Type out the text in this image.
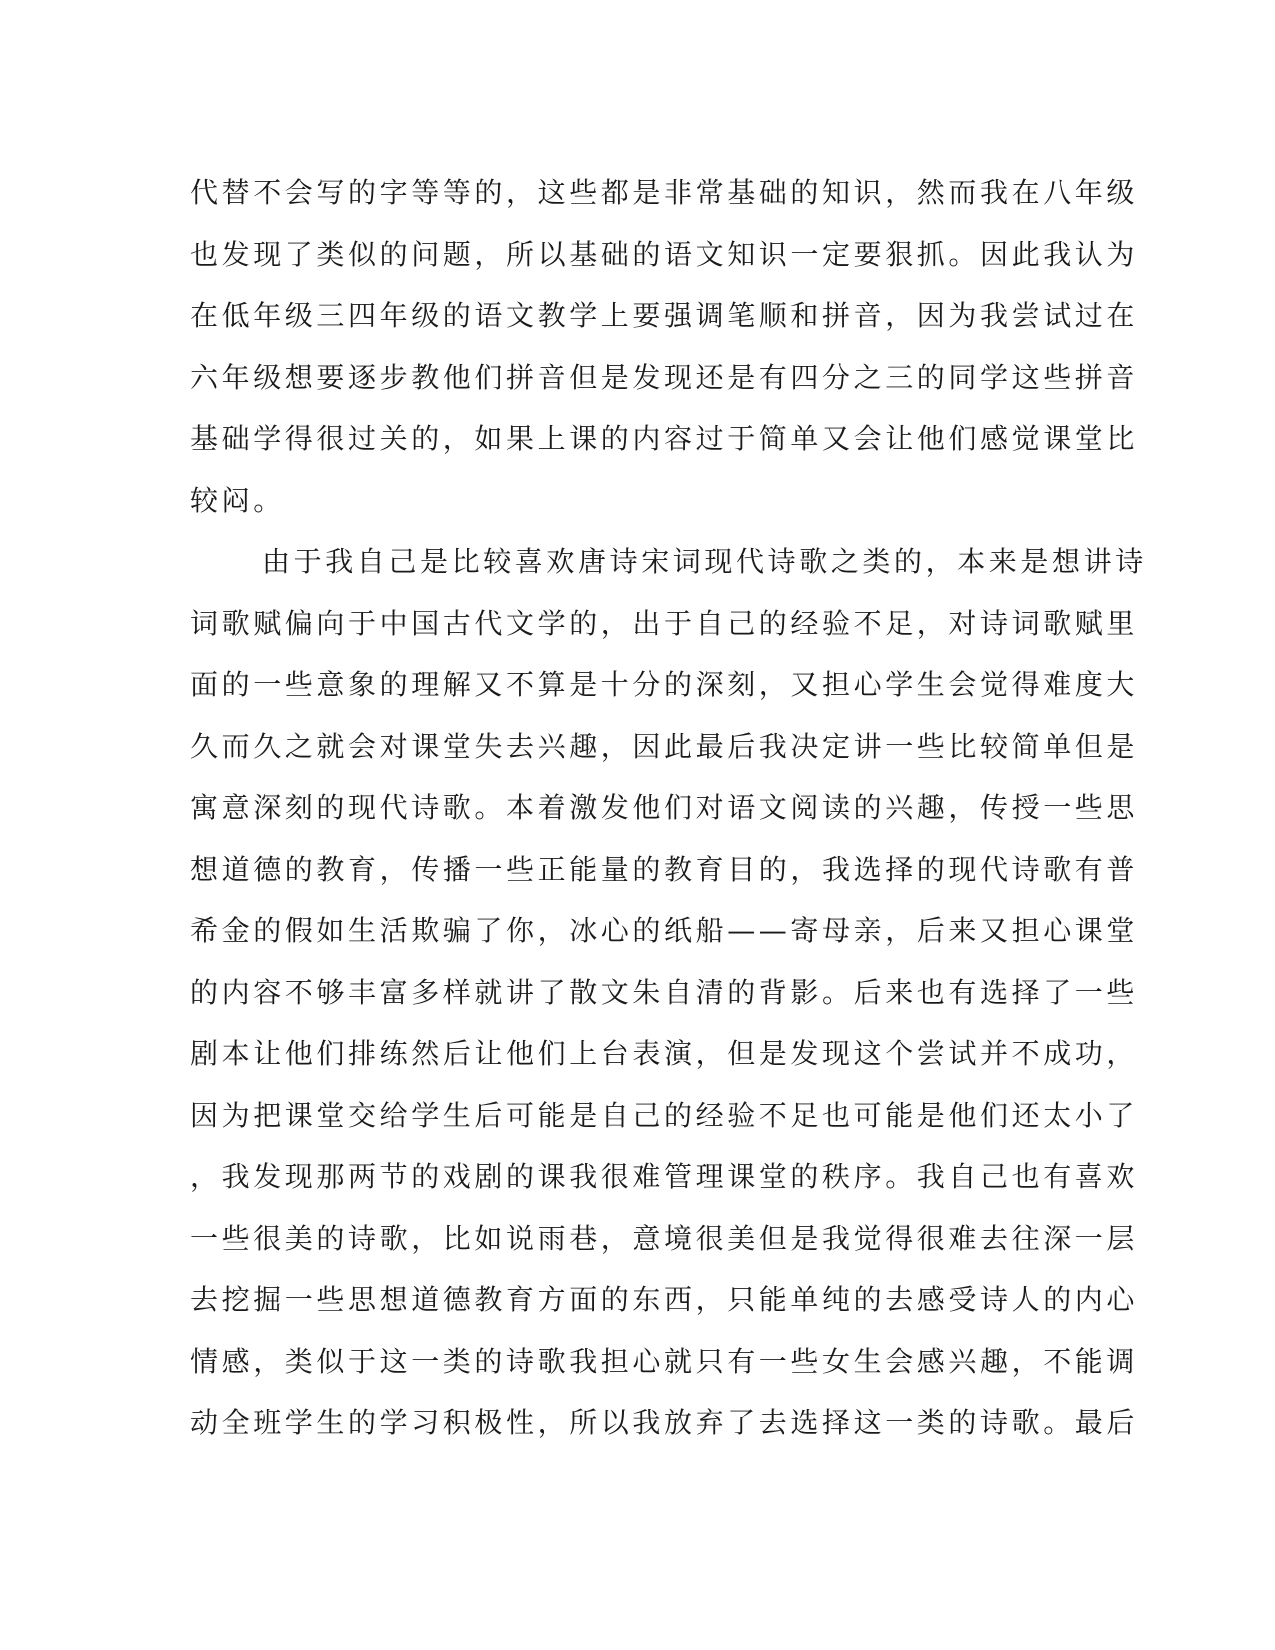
代替不会写的字等等的，这些都是非常基础的知识，然而我在八年级
也发现了类似的问题，所以基础的语文知识一定要狠抓。因此我认为
在低年级三四年级的语文教学上要强调笔顺和拼音，因为我尝试过在
六年级想要逐步教他们拼音但是发现还是有四分之三的同学这些拼音
基础学得很过关的，如果上课的内容过于简单又会让他们感觉课堂比
较闷。
由于我自己是比较喜欢唐诗宋词现代诗歌之类的，本来是想讲诗
词歌赋偏向于中国古代文学的，出于自己的经验不足，对诗词歌赋里
面的一些意象的理解又不算是十分的深刻，又担心学生会觉得难度大
久而久之就会对课堂失去兴趣，因此最后我决定讲一些比较简单但是
寓意深刻的现代诗歌。本着激发他们对语文阅读的兴趣，传授一些思
想道德的教育，传播一些正能量的教育目的，我选择的现代诗歌有普
希金的假如生活欺骗了你，冰心的纸船——寄母亲，后来又担心课堂
的内容不够丰富多样就讲了散文朱自清的背影。后来也有选择了一些
剧本让他们排练然后让他们上台表演，但是发现这个尝试并不成功，
因为把课堂交给学生后可能是自己的经验不足也可能是他们还太小了
，我发现那两节的戏剧的课我很难管理课堂的秩序。我自己也有喜欢
一些很美的诗歌，比如说雨巷，意境很美但是我觉得很难去往深一层
去挖掘一些思想道德教育方面的东西，只能单纯的去感受诗人的内心
情感，类似于这一类的诗歌我担心就只有一些女生会感兴趣，不能调
动全班学生的学习积极性，所以我放弃了去选择这一类的诗歌。最后
